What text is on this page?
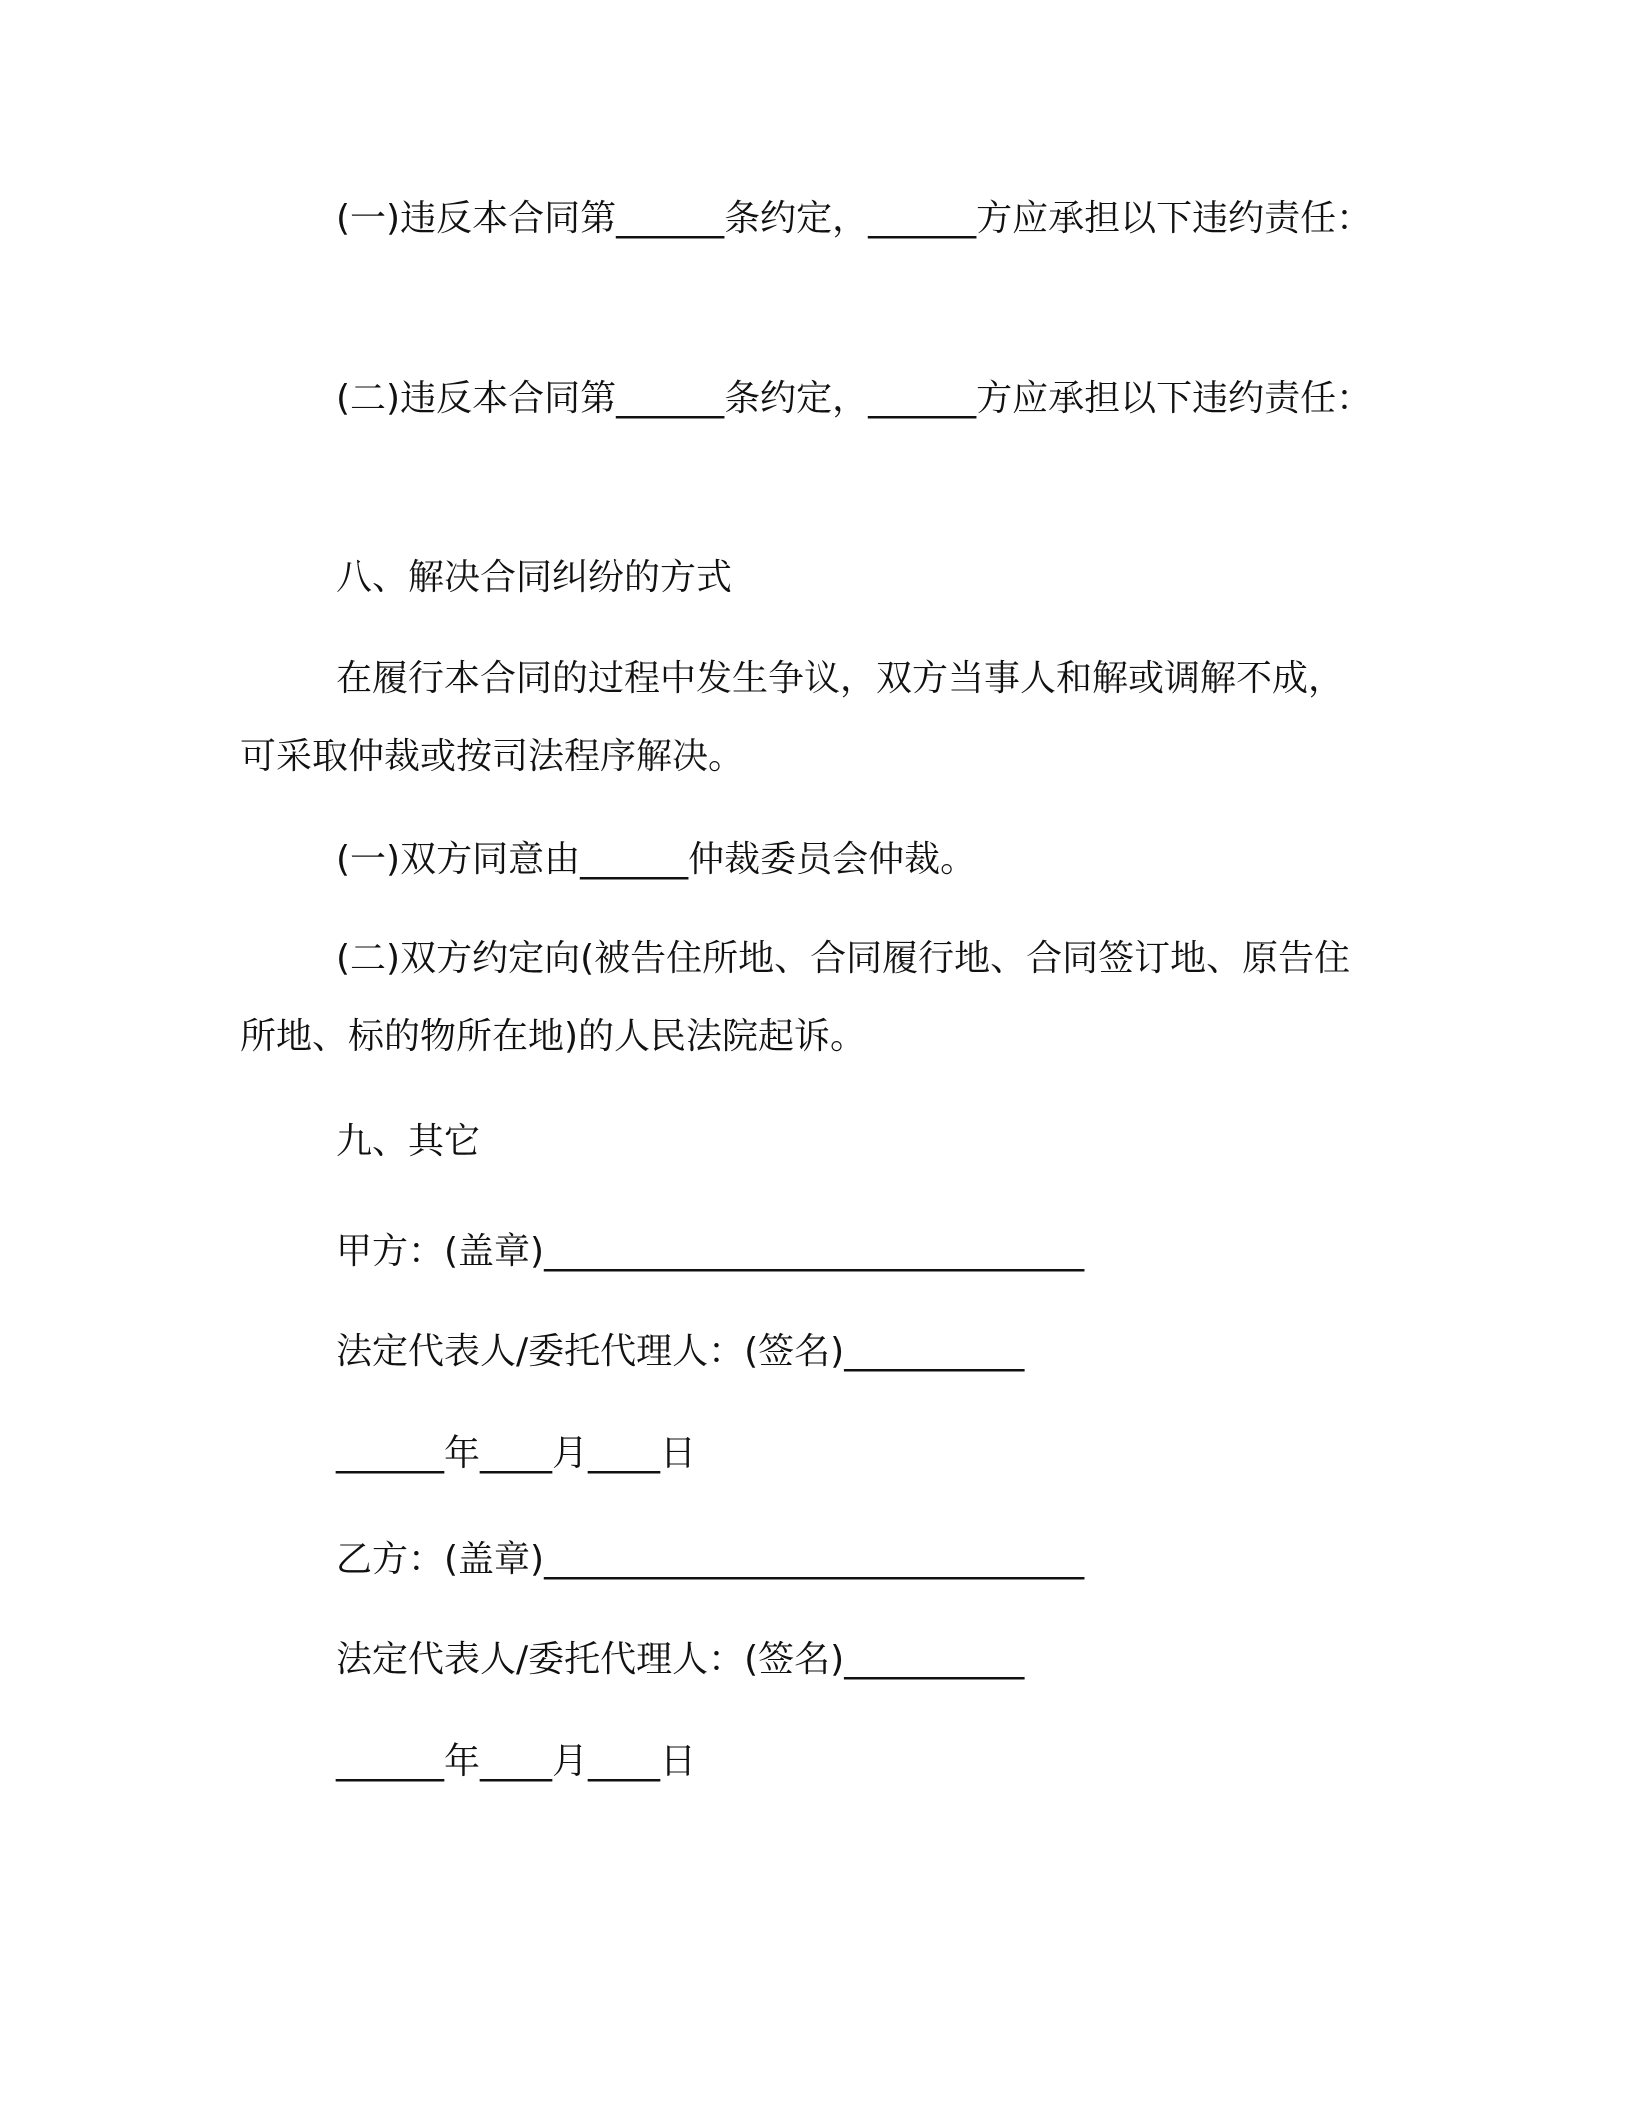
(一)违反本合同第______条约定，______方应承担以下违约责任：

(二)违反本合同第______条约定，______方应承担以下违约责任：

八、解决合同纠纷的方式

在履行本合同的过程中发生争议，双方当事人和解或调解不成，可采取仲裁或按司法程序解决。

(一)双方同意由______仲裁委员会仲裁。

(二)双方约定向(被告住所地、合同履行地、合同签订地、原告住所地、标的物所在地)的人民法院起诉。

九、其它

甲方：(盖章)______________________________

法定代表人/委托代理人：(签名)__________

______年____月____日

乙方：(盖章)______________________________

法定代表人/委托代理人：(签名)__________

______年____月____日
